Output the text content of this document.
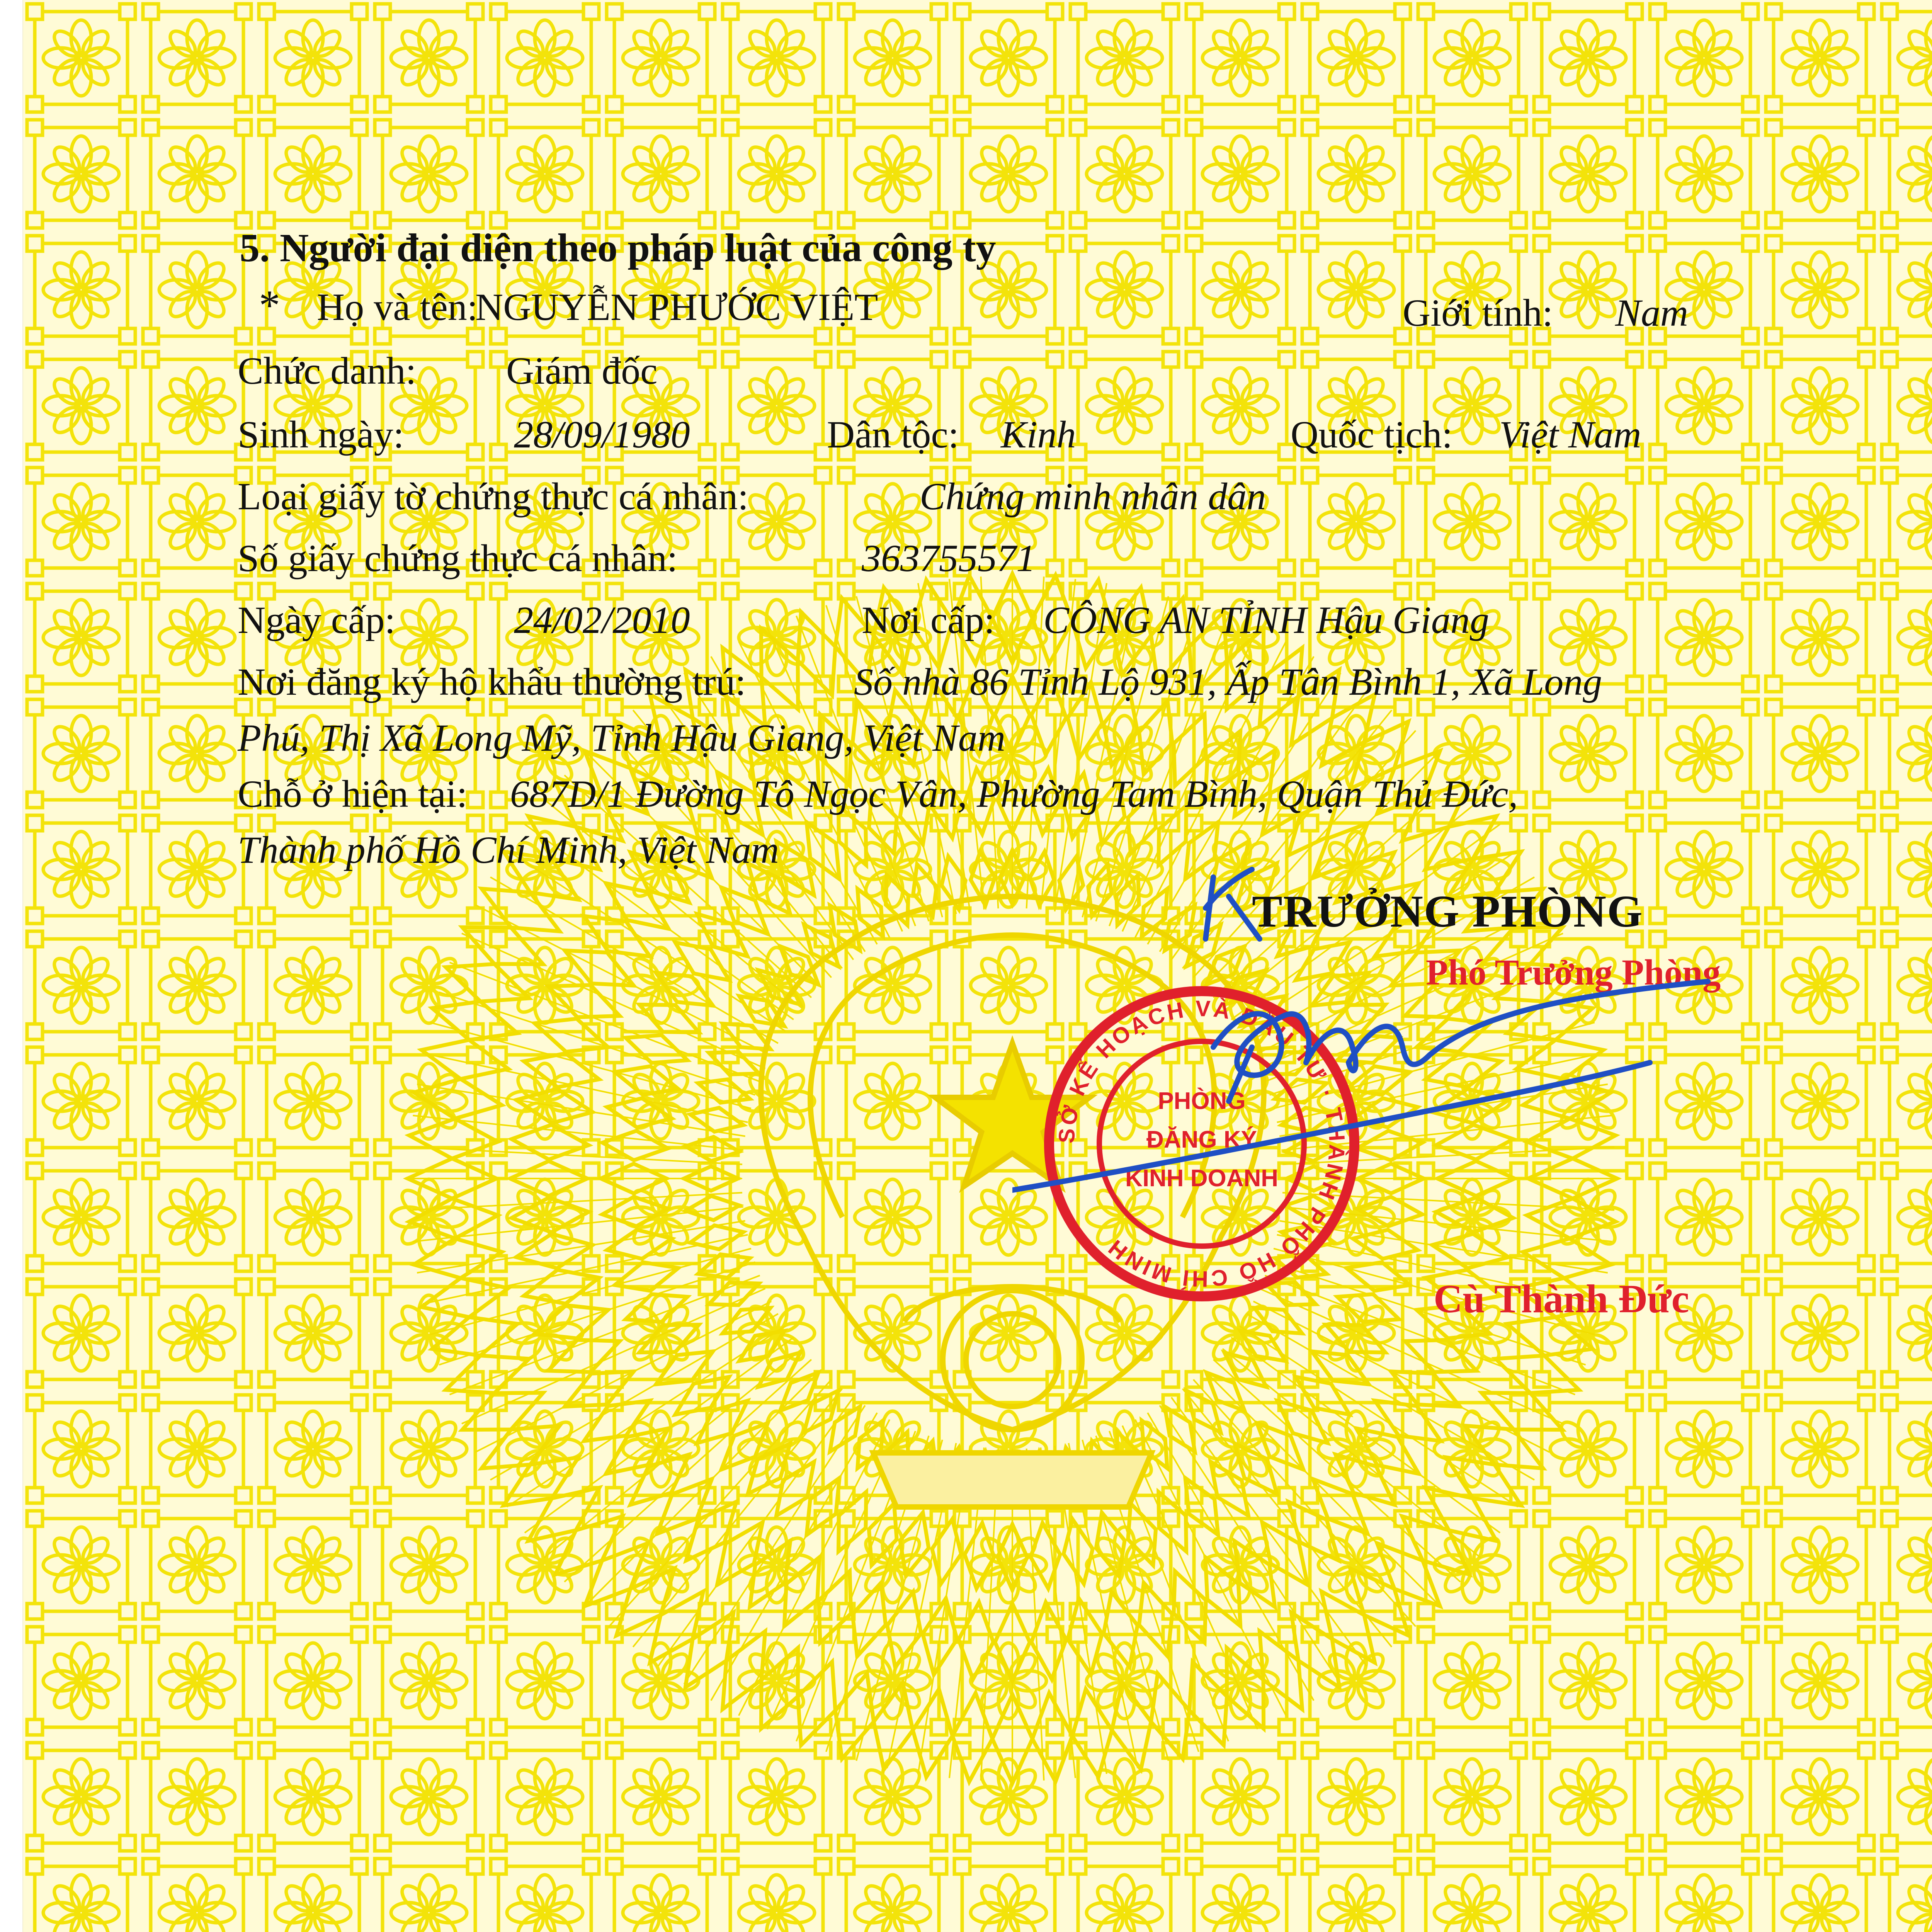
5. Người đại diện theo pháp luật của công ty
* Họ và tên:
NGUYỄN PHƯỚC VIỆT	Giới tính: Nam
Chức danh: Giám đốc
Sinh ngày:	28/09/1980	Dân tộc: Kinh	Quốc tịch: Việt Nam
Loại giấy tờ chứng thực cá nhân:	Chứng minh nhân dân
Số giấy chứng thực cá nhân:	363755571
Ngày cấp:	24/02/2010	Nơi cấp: CÔNG AN TỈNH Hậu Giang
Nơi đăng ký hộ khẩu thường trú:	Số nhà 86 Tỉnh Lộ 931, Ấp Tân Bình 1, Xã Long
Phú, Thị Xã Long Mỹ, Tỉnh Hậu Giang, Việt Nam
Chỗ ở hiện tại: 687D/1 Đường Tô Ngọc Vân, Phường Tam Bình, Quận Thủ Đức,
Thành phố Hồ Chí Minh, Việt Nam
TRƯỞNG PHÒNG
Phó Trưởng Phòng
Cù Thành Đức
SỞ KẾ HOẠCH VÀ ĐẦU TƯ · THÀNH PHỐ HỒ CHÍ MINH
PHÒNG
ĐĂNG KÝ
KINH DOANH
